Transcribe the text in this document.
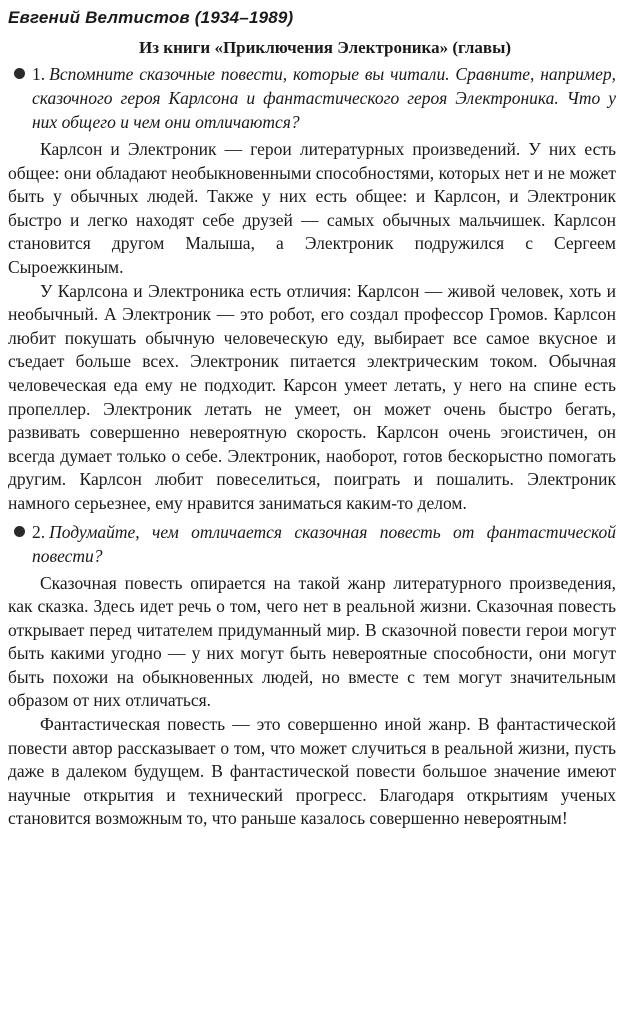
Евгений Велтистов (1934–1989)
Из книги «Приключения Электроника» (главы)
1. Вспомните сказочные повести, которые вы читали. Сравните, например, сказочного героя Карлсона и фантастического героя Электроника. Что у них общего и чем они отличаются?

Карлсон и Электроник — герои литературных произведений. У них есть общее: они обладают необыкновенными способностями, которых нет и не может быть у обычных людей. Также у них есть общее: и Карлсон, и Электроник быстро и легко находят себе друзей — самых обычных мальчишек. Карлсон становится другом Малыша, а Электроник подружился с Сергеем Сыроежкиным.

У Карлсона и Электроника есть отличия: Карлсон — живой человек, хоть и необычный. А Электроник — это робот, его создал профессор Громов. Карлсон любит покушать обычную человеческую еду, выбирает все самое вкусное и съедает больше всех. Электроник питается электрическим током. Обычная человеческая еда ему не подходит. Карсон умеет летать, у него на спине есть пропеллер. Электроник летать не умеет, он может очень быстро бегать, развивать совершенно невероятную скорость. Карлсон очень эгоистичен, он всегда думает только о себе. Электроник, наоборот, готов бескорыстно помогать другим. Карлсон любит повеселиться, поиграть и пошалить. Электроник намного серьезнее, ему нравится заниматься каким-то делом.

2. Подумайте, чем отличается сказочная повесть от фантастической повести?

Сказочная повесть опирается на такой жанр литературного произведения, как сказка. Здесь идет речь о том, чего нет в реальной жизни. Сказочная повесть открывает перед читателем придуманный мир. В сказочной повести герои могут быть какими угодно — у них могут быть невероятные способности, они могут быть похожи на обыкновенных людей, но вместе с тем могут значительным образом от них отличаться.

Фантастическая повесть — это совершенно иной жанр. В фантастической повести автор рассказывает о том, что может случиться в реальной жизни, пусть даже в далеком будущем. В фантастической повести большое значение имеют научные открытия и технический прогресс. Благодаря открытиям ученых становится возможным то, что раньше казалось совершенно невероятным!
